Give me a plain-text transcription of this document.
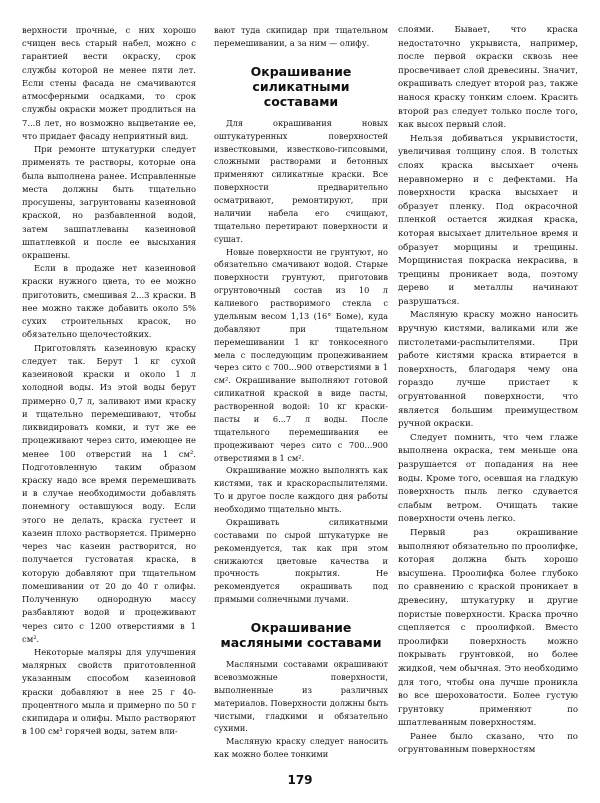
верхности прочные, с них хорошо счищен весь старый набел, можно с гарантией вести окраску, срок службы которой не менее пяти лет. Если стены фасада не смачиваются атмосферными осадками, то срок службы окраски может продлиться на 7...8 лет, но возможно выцветание ее, что придает фасаду неприятный вид.

При ремонте штукатурки следует применять те растворы, которые она была выполнена ранее. Исправленные места должны быть тщательно просушены, загрунтованы казеиновой краской, но разбавленной водой, затем зашпатлеваны казеиновой шпатлевкой и после ее высыхания окрашены.

Если в продаже нет казеиновой краски нужного цвета, то ее можно приготовить, смешивая 2...3 краски. В нее можно также добавить около 5% сухих строительных красок, но обязательно щелочестойких.

Приготовлять казеиновую краску следует так. Берут 1 кг сухой казеиновой краски и около 1 л холодной воды. Из этой воды берут примерно 0,7 л, заливают ими краску и тщательно перемешивают, чтобы ликвидировать комки, и тут же ее процеживают через сито, имеющее не менее 100 отверстий на 1 см². Подготовленную таким образом краску надо все время перемешивать и в случае необходимости добавлять понемногу оставшуюся воду. Если этого не делать, краска густеет и казеин плохо растворяется. Примерно через час казеин растворится, но получается густоватая краска, в которую добавляют при тщательном помешивании от 20 до 40 г олифы. Полученную однородную массу разбавляют водой и процеживают через сито с 1200 отверстиями в 1 см².

Некоторые маляры для улучшения малярных свойств приготовленной указанным способом казеиновой краски добавляют в нее 25 г 40-процентного мыла и примерно по 50 г скипидара и олифы. Мыло растворяют в 100 см³ горячей воды, затем вли-

вают туда скипидар при тщательном перемешивании, а за ним — олифу.

Окрашивание силикатными составами

Для окрашивания новых оштукатуренных поверхностей известковыми, известково-гипсовыми, сложными растворами и бетонных применяют силикатные краски. Все поверхности предварительно осматривают, ремонтируют, при наличии набела его счищают, тщательно перетирают поверхности и сушат.

Новые поверхности не грунтуют, но обязательно смачивают водой. Старые поверхности грунтуют, приготовив огрунтовочный состав из 10 л калиевого растворимого стекла с удельным весом 1,13 (16° Боме), куда добавляют при тщательном перемешивании 1 кг тонкосеяного мела с последующим процеживанием через сито с 700...900 отверстиями в 1 см². Окрашивание выполняют готовой силикатной краской в виде пасты, растворенной водой: 10 кг краски-пасты и 6...7 л воды. После тщательного перемешивания ее процеживают через сито с 700...900 отверстиями в 1 см².

Окрашивание можно выполнять как кистями, так и краскораспылителями. То и другое после каждого дня работы необходимо тщательно мыть.

Окрашивать силикатными составами по сырой штукатурке не рекомендуется, так как при этом снижаются цветовые качества и прочность покрытия. Не рекомендуется окрашивать под прямыми солнечными лучами.

Окрашивание масляными составами

Масляными составами окрашивают всевозможные поверхности, выполненные из различных материалов. Поверхности должны быть чистыми, гладкими и обязательно сухими.

Масляную краску следует наносить как можно более тонкими

слоями. Бывает, что краска недостаточно укрывиста, например, после первой окраски сквозь нее просвечивает слой древесины. Значит, окрашивать следует второй раз, также нанося краску тонким слоем. Красить второй раз следует только после того, как высох первый слой.

Нельзя добиваться укрывистости, увеличивая толщину слоя. В толстых слоях краска высыхает очень неравномерно и с дефектами. На поверхности краска высыхает и образует пленку. Под окрасочной пленкой остается жидкая краска, которая высыхает длительное время и образует морщины и трещины. Морщинистая покраска некрасива, в трещины проникает вода, поэтому дерево и металлы начинают разрушаться.

Масляную краску можно наносить вручную кистями, валиками или же пистолетами-распылителями. При работе кистями краска втирается в поверхность, благодаря чему она гораздо лучше пристает к огрунтованной поверхности, что является большим преимуществом ручной окраски.

Следует помнить, что чем глаже выполнена окраска, тем меньше она разрушается от попадания на нее воды. Кроме того, осевшая на гладкую поверхность пыль легко сдувается слабым ветром. Очищать такие поверхности очень легко.

Первый раз окрашивание выполняют обязательно по проолифке, которая должна быть хорошо высушена. Проолифка более глубоко по сравнению с краской проникает в древесину, штукатурку и другие пористые поверхности. Краска прочно сцепляется с проолифкой. Вместо проолифки поверхность можно покрывать грунтовкой, но более жидкой, чем обычная. Это необходимо для того, чтобы она лучше проникла во все шероховатости. Более густую грунтовку применяют по шпатлеванным поверхностям.

Ранее было сказано, что по огрунтованным поверхностям

179
